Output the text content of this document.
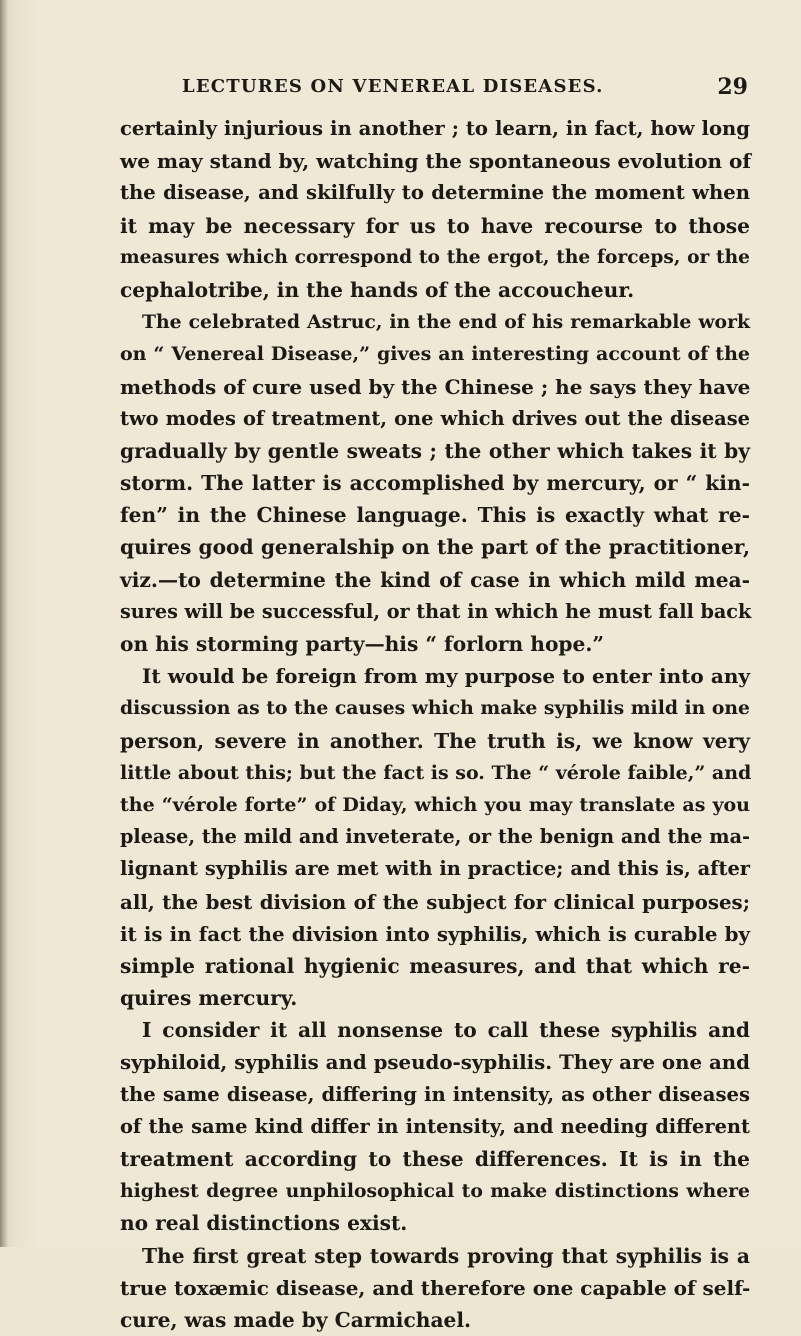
LECTURES ON VENEREAL DISEASES.	29
certainly injurious in another ; to learn, in fact, how long
we may stand by, watching the spontaneous evolution of
the disease, and skilfully to determine the moment when
it may be necessary for us to have recourse to those
measures which correspond to the ergot, the forceps, or the
cephalotribe, in the hands of the accoucheur.
The celebrated Astruc, in the end of his remarkable work
on “ Venereal Disease,” gives an interesting account of the
methods of cure used by the Chinese ; he says they have
two modes of treatment, one which drives out the disease
gradually by gentle sweats ; the other which takes it by
storm. The latter is accomplished by mercury, or “ kin-
fen” in the Chinese language. This is exactly what re-
quires good generalship on the part of the practitioner,
viz.—to determine the kind of case in which mild mea-
sures will be successful, or that in which he must fall back
on his storming party—his “ forlorn hope.”
It would be foreign from my purpose to enter into any
discussion as to the causes which make syphilis mild in one
person, severe in another. The truth is, we know very
little about this; but the fact is so. The “ vérole faible,” and
the “vérole forte” of Diday, which you may translate as you
please, the mild and inveterate, or the benign and the ma-
lignant syphilis are met with in practice; and this is, after
all, the best division of the subject for clinical purposes;
it is in fact the division into syphilis, which is curable by
simple rational hygienic measures, and that which re-
quires mercury.
I consider it all nonsense to call these syphilis and
syphiloid, syphilis and pseudo-syphilis. They are one and
the same disease, differing in intensity, as other diseases
of the same kind differ in intensity, and needing different
treatment according to these differences. It is in the
highest degree unphilosophical to make distinctions where
no real distinctions exist.
The first great step towards proving that syphilis is a
true toxæmic disease, and therefore one capable of self-
cure, was made by Carmichael.
